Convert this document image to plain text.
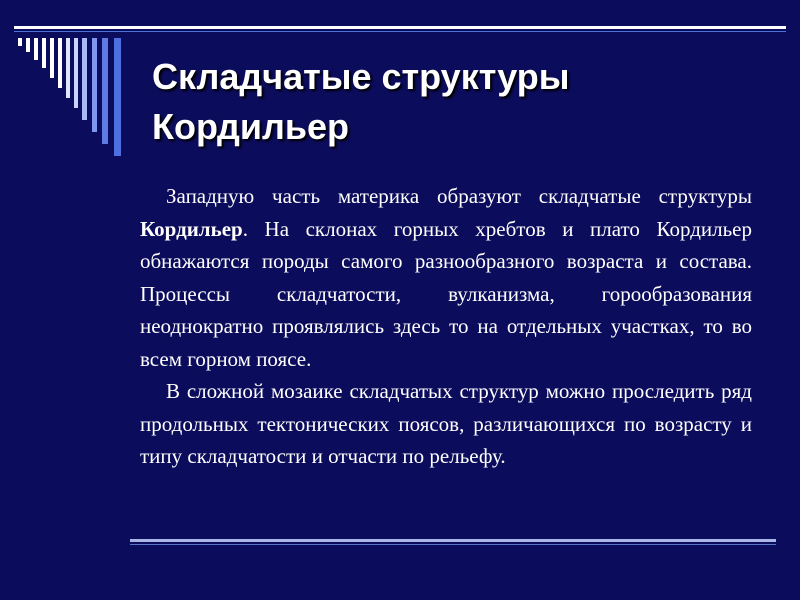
Складчатые структуры Кордильер

Западную часть материка образуют складчатые структуры Кордильер. На склонах горных хребтов и плато Кордильер обнажаются породы самого разнообразного возраста и состава. Процессы складчатости, вулканизма, горообразования неоднократно проявлялись здесь то на отдельных участках, то во всем горном поясе.

В сложной мозаике складчатых структур можно проследить ряд продольных тектонических поясов, различающихся по возрасту и типу складчатости и отчасти по рельефу.
